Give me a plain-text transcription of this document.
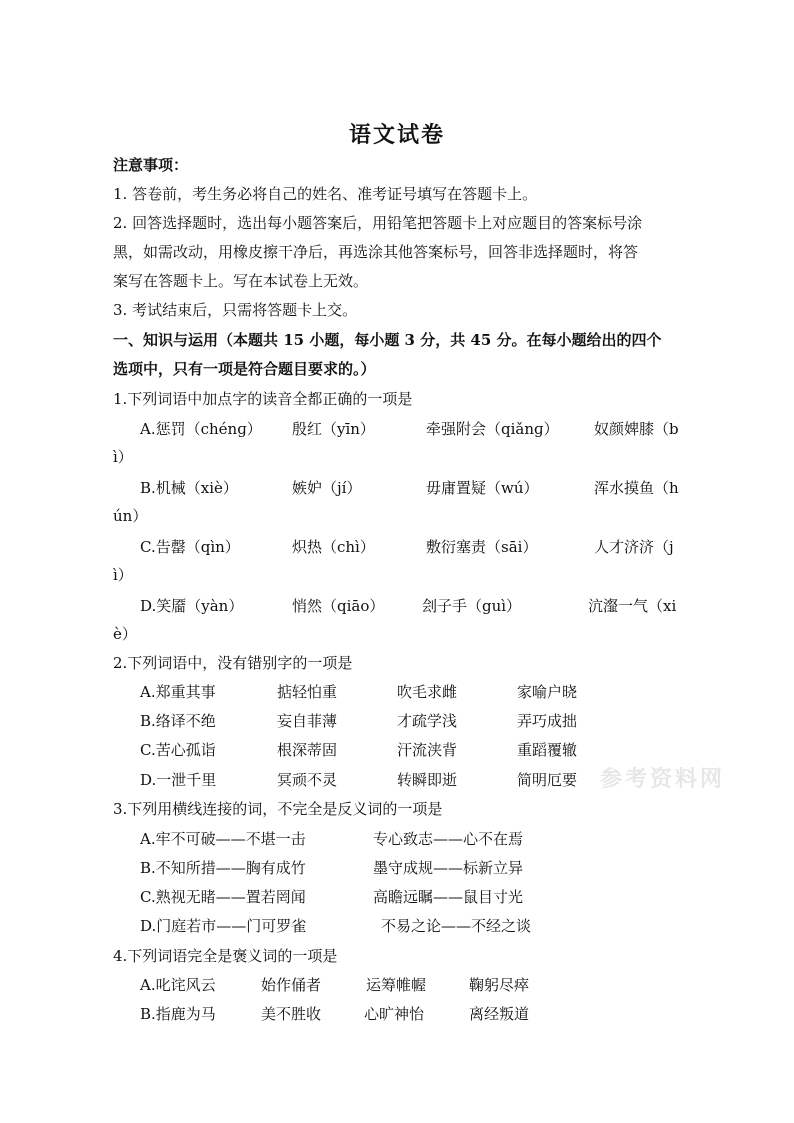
语文试卷
注意事项：
1. 答卷前，考生务必将自己的姓名、准考证号填写在答题卡上。
2. 回答选择题时，选出每小题答案后，用铅笔把答题卡上对应题目的答案标号涂
黑，如需改动，用橡皮擦干净后，再选涂其他答案标号，回答非选择题时，将答
案写在答题卡上。写在本试卷上无效。
3. 考试结束后，只需将答题卡上交。
一、知识与运用（本题共 15 小题，每小题 3 分，共 45 分。在每小题给出的四个
选项中，只有一项是符合题目要求的。）
1.下列词语中加点字的读音全都正确的一项是
A.惩罚（chénɡ） 殷红（yīn）	牵强附会（qiǎnɡ） 奴颜婢膝（b
ì）
B.机械（xiè）	嫉妒（jí）	毋庸置疑（wú）	浑水摸鱼（h
ún）
C.告罄（qìn）	炽热（chì）	敷衍塞责（sāi）	人才济济（j
ì）
D.笑靥（yàn）	悄然（qiāo）	刽子手（guì）	沆瀣一气（xi
è）
2.下列词语中，没有错别字的一项是
A.郑重其事	掂轻怕重	吹毛求雌	家喻户晓
B.络译不绝	妄自菲薄	才疏学浅	弄巧成拙
C.苦心孤诣	根深蒂固	汗流浃背	重蹈覆辙
D.一泄千里	冥顽不灵	转瞬即逝	简明厄要
3.下列用横线连接的词，不完全是反义词的一项是
A.牢不可破——不堪一击	专心致志——心不在焉
B.不知所措——胸有成竹	墨守成规——标新立异
C.熟视无睹——置若罔闻	高瞻远瞩——鼠目寸光
D.门庭若市——门可罗雀	不易之论——不经之谈
4.下列词语完全是褒义词的一项是
A.叱诧风云	始作俑者	运筹帷幄	鞠躬尽瘁
B.指鹿为马	美不胜收	心旷神怡	离经叛道
参考资料网
